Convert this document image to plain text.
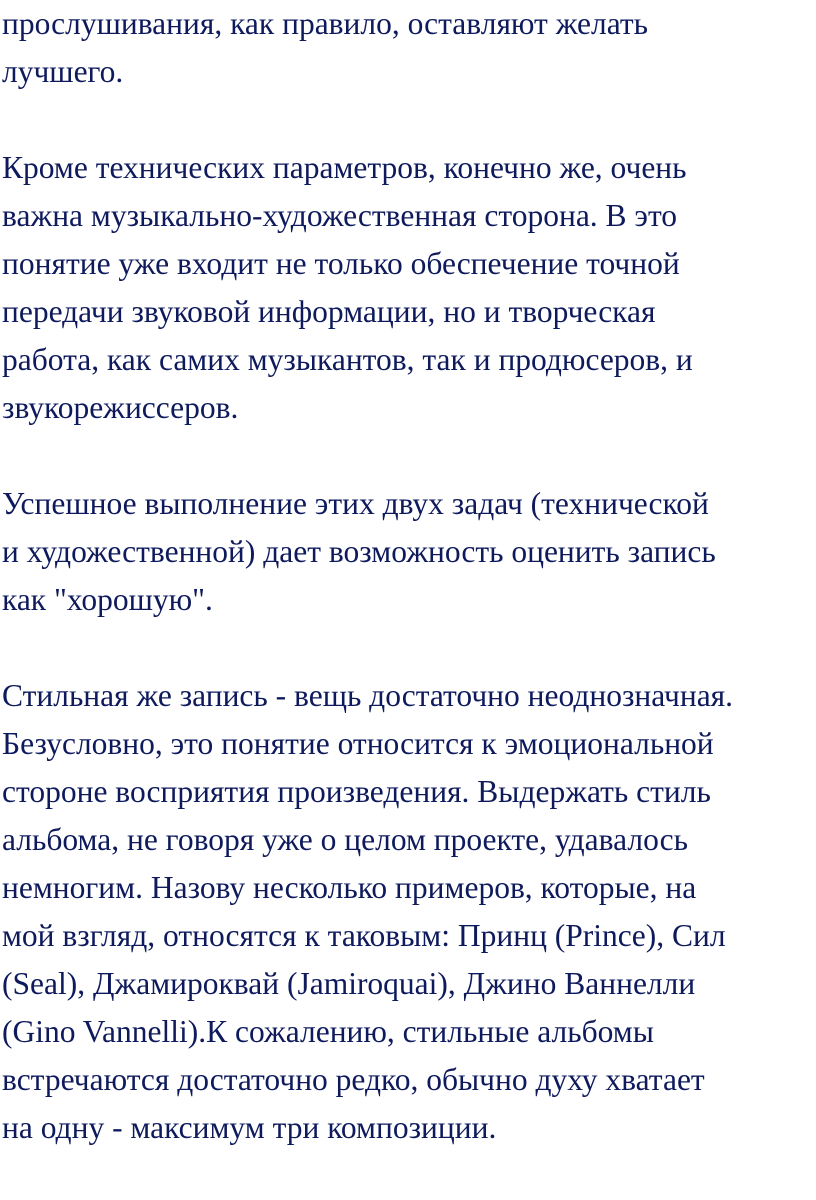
прослушивания, как правило, оставляют желать
лучшего.
Кроме технических параметров, конечно же, очень
важна музыкально-художественная сторона. В это
понятие уже входит не только обеспечение точной
передачи звуковой информации, но и творческая
работа, как самих музыкантов, так и продюсеров, и
звукорежиссеров.
Успешное выполнение этих двух задач (технической
и художественной) дает возможность оценить запись
как "хорошую".
Стильная же запись - вещь достаточно неоднозначная.
Безусловно, это понятие относится к эмоциональной
стороне восприятия произведения. Выдержать стиль
альбома, не говоря уже о целом проекте, удавалось
немногим. Назову несколько примеров, которые, на
мой взгляд, относятся к таковым: Принц (Prince), Сил
(Seal), Джамироквай (Jamiroquai), Джино Ваннелли
(Gino Vannelli).К сожалению, стильные альбомы
встречаются достаточно редко, обычно духу хватает
на одну - максимум три композиции.
